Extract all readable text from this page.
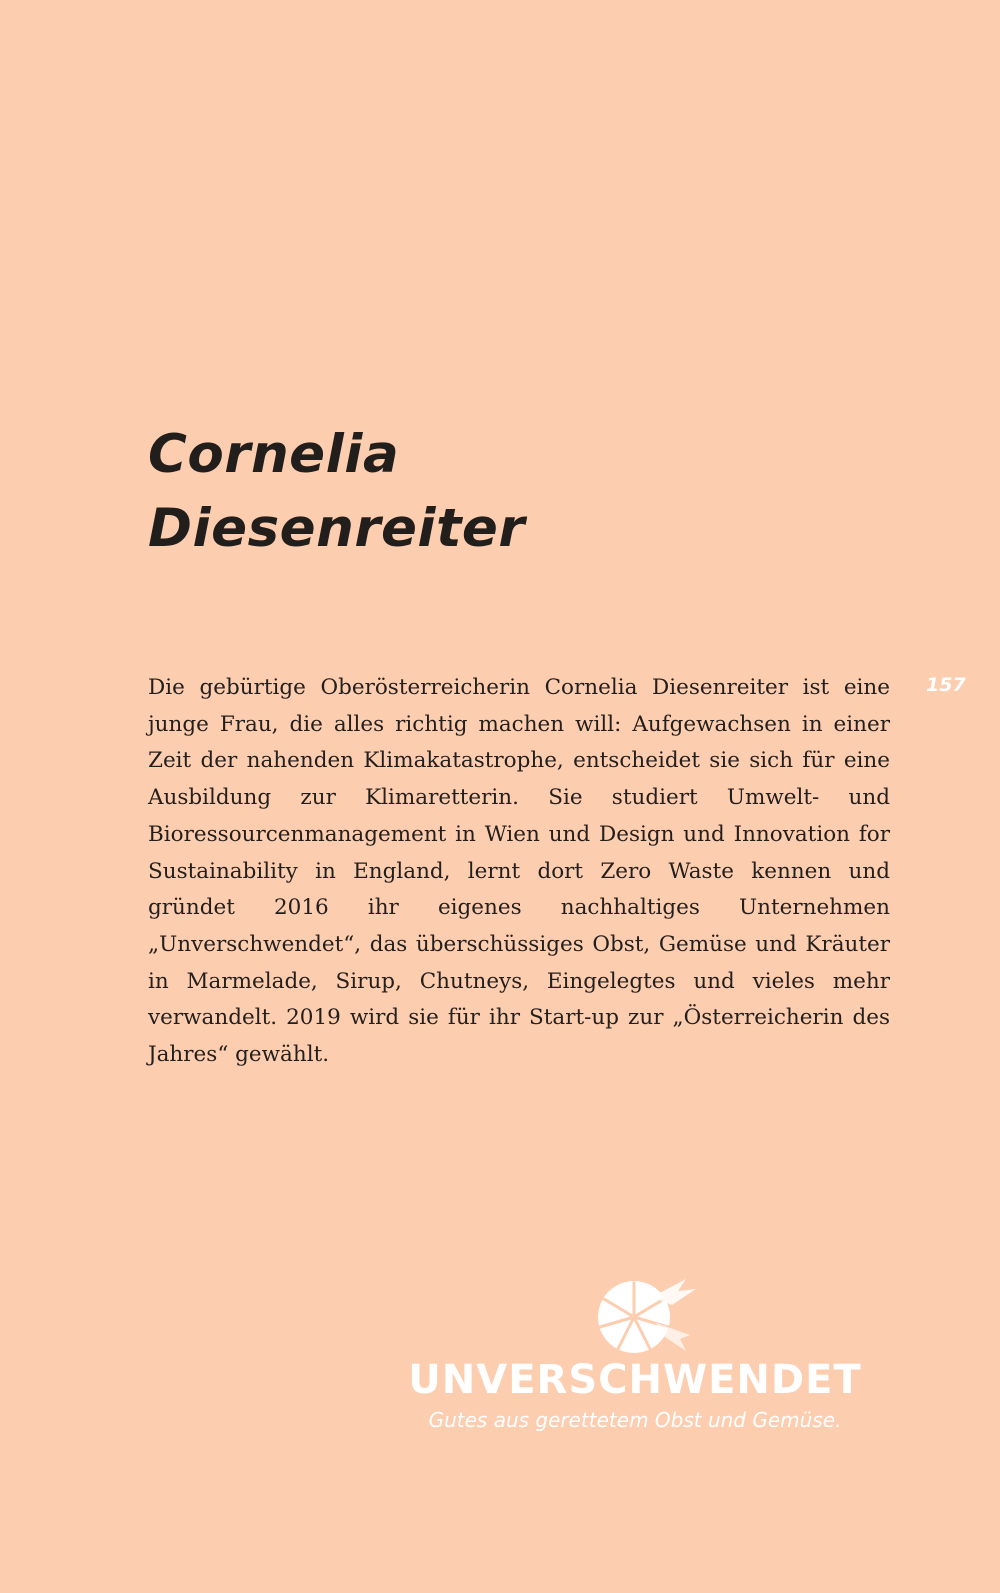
Cornelia
Diesenreiter
157

Die gebürtige Oberösterreicherin Cornelia Diesenreiter ist eine junge Frau, die alles richtig machen will: Aufgewachsen in einer Zeit der nahenden Klimakatastrophe, entscheidet sie sich für eine Ausbildung zur Klimaretterin. Sie studiert Umwelt- und Bioressourcenmanagement in Wien und Design und Innovation for Sustainability in England, lernt dort Zero Waste kennen und gründet 2016 ihr eigenes nachhaltiges Unternehmen „Unverschwendet“, das überschüssiges Obst, Gemüse und Kräuter in Marmelade, Sirup, Chutneys, Eingelegtes und vieles mehr verwandelt. 2019 wird sie für ihr Start-up zur „Österreicherin des Jahres“ gewählt.

UNVERSCHWENDET
Gutes aus gerettetem Obst und Gemüse.
